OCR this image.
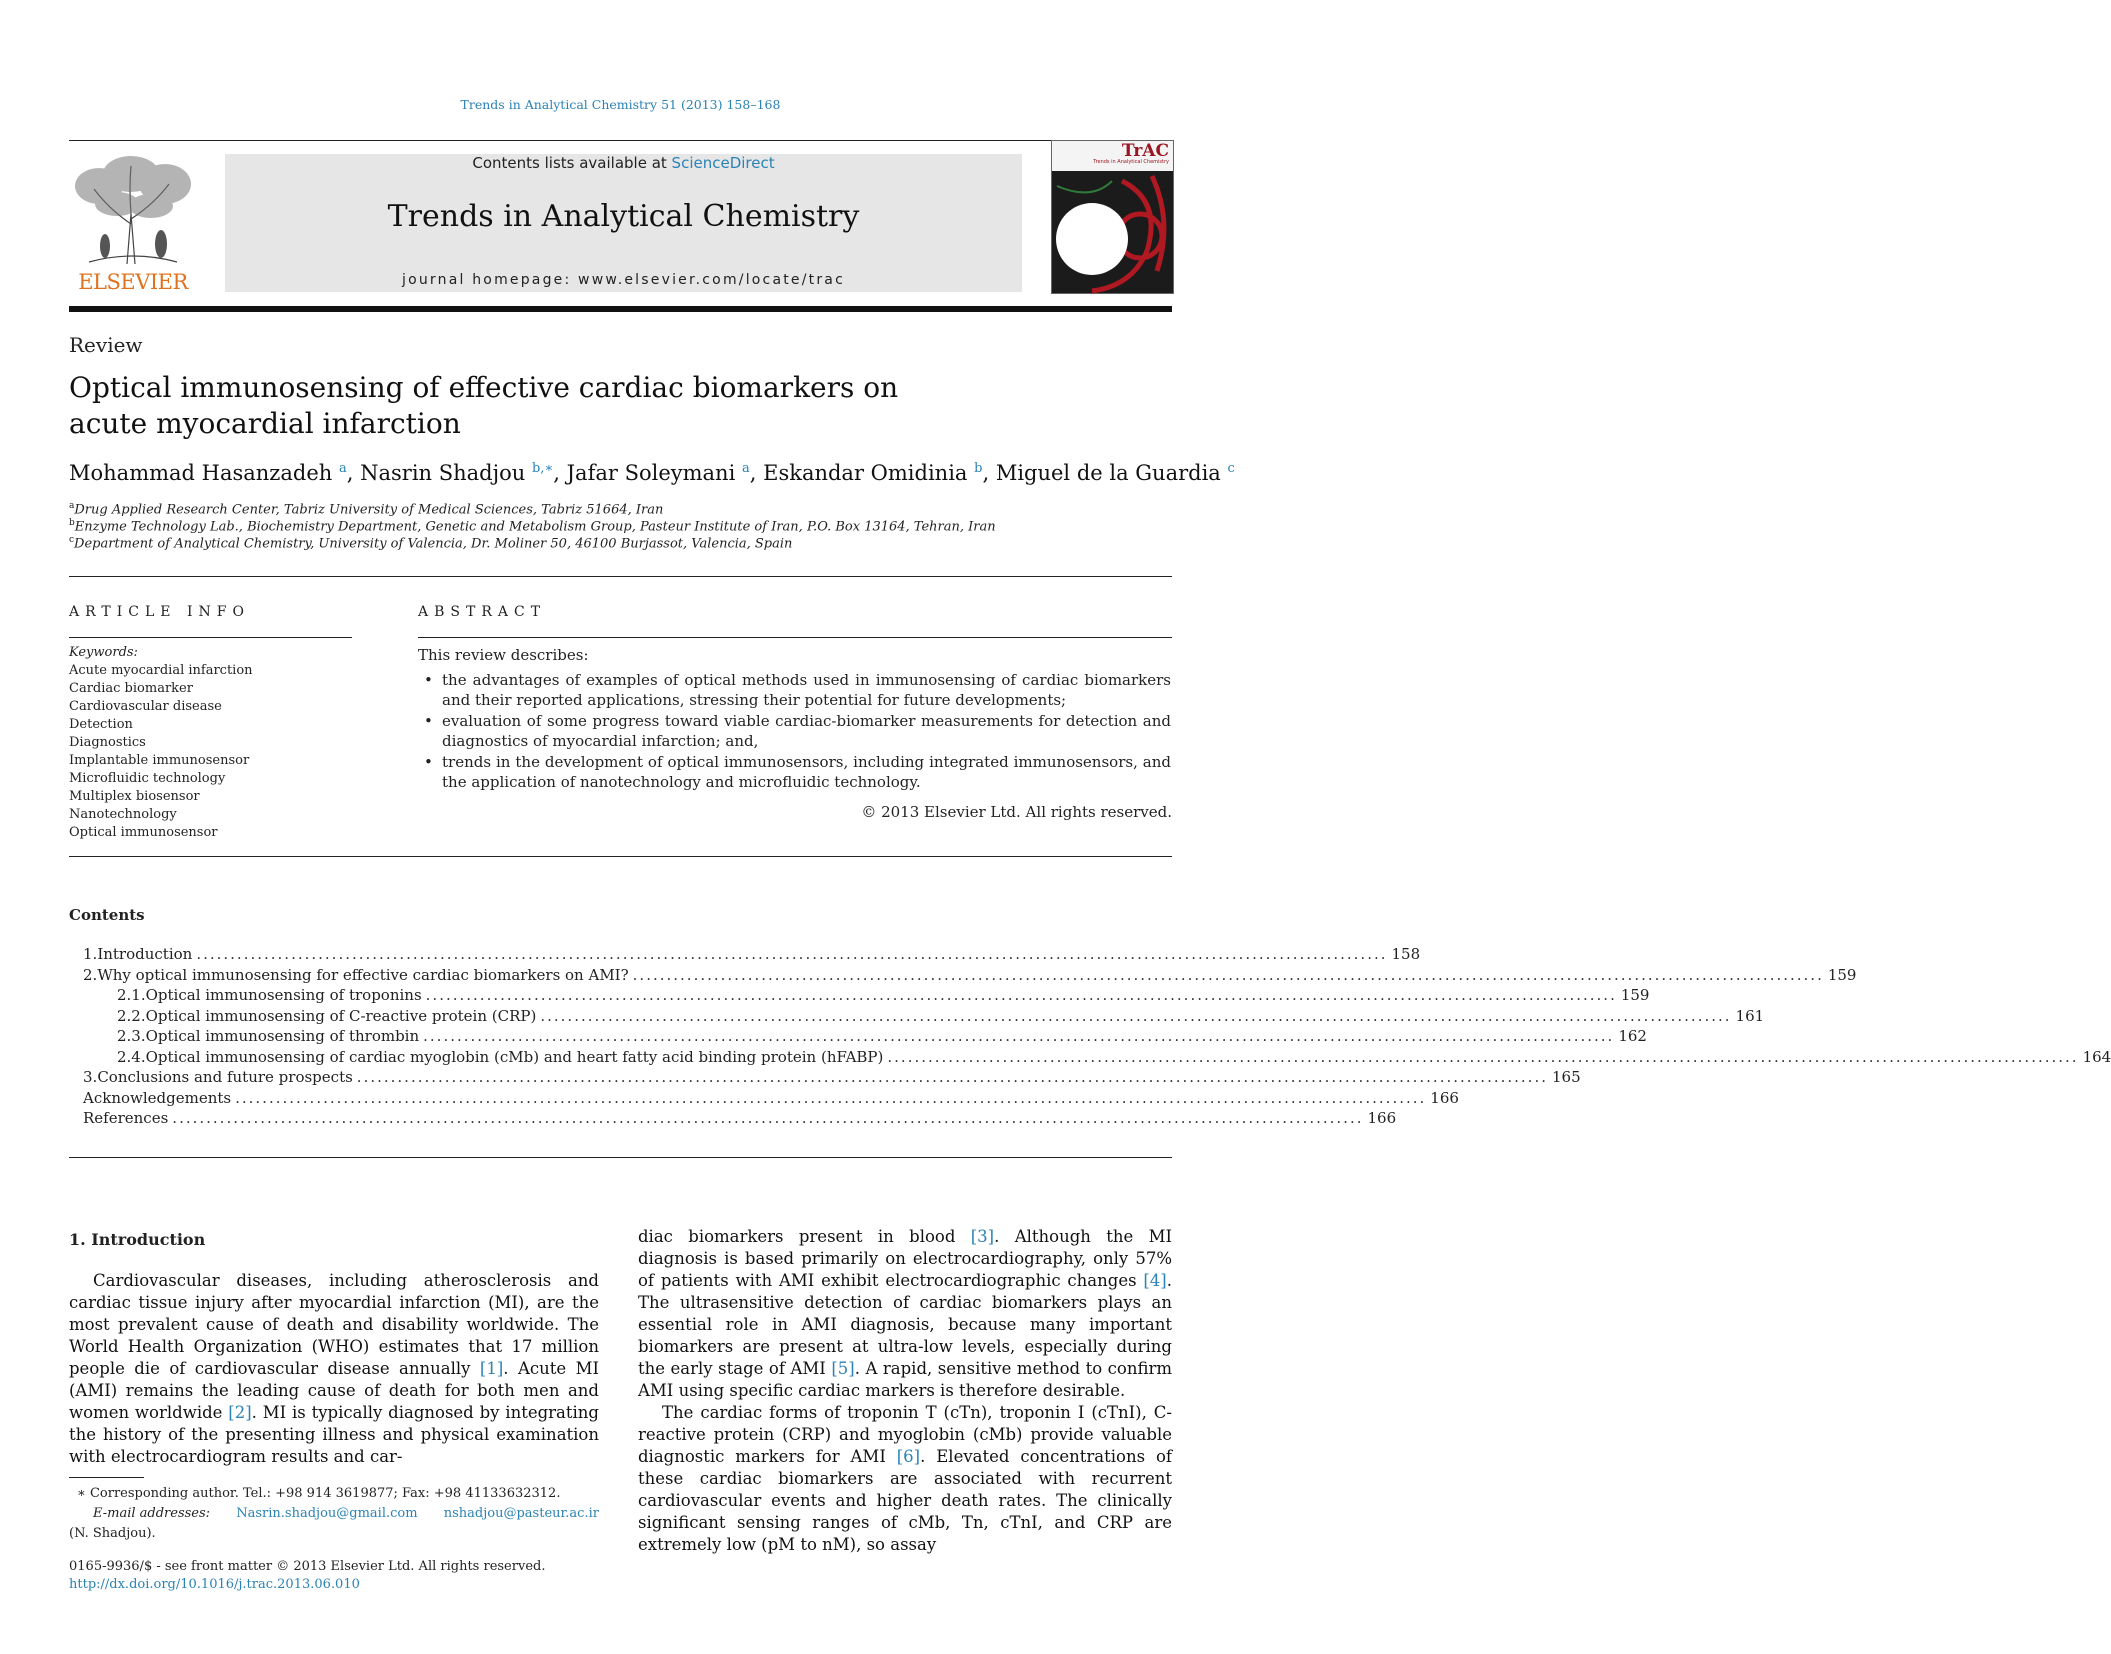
Trends in Analytical Chemistry 51 (2013) 158–168
ELSEVIER
Contents lists available at ScienceDirect
Trends in Analytical Chemistry
journal homepage: www.elsevier.com/locate/trac
TrAC
Trends in Analytical Chemistry
Review
Optical immunosensing of effective cardiac biomarkers on acute myocardial infarction
Mohammad Hasanzadeh $^a$, Nasrin Shadjou $^{b,∗}$, Jafar Soleymani $^a$, Eskandar Omidinia $^b$, Miguel de la Guardia $^c$
$^a$Drug Applied Research Center, Tabriz University of Medical Sciences, Tabriz 51664, Iran
$^b$Enzyme Technology Lab., Biochemistry Department, Genetic and Metabolism Group, Pasteur Institute of Iran, P.O. Box 13164, Tehran, Iran
$^c$Department of Analytical Chemistry, University of Valencia, Dr. Moliner 50, 46100 Burjassot, Valencia, Spain
ARTICLE INFO
Keywords:
Acute myocardial infarction
Cardiac biomarker
Cardiovascular disease
Detection
Diagnostics
Implantable immunosensor
Microfluidic technology
Multiplex biosensor
Nanotechnology
Optical immunosensor
ABSTRACT
This review describes:
• the advantages of examples of optical methods used in immunosensing of cardiac biomarkers and their reported applications, stressing their potential for future developments;
• evaluation of some progress toward viable cardiac-biomarker measurements for detection and diagnostics of myocardial infarction; and,
• trends in the development of optical immunosensors, including integrated immunosensors, and the application of nanotechnology and microfluidic technology.
© 2013 Elsevier Ltd. All rights reserved.
Contents
1. Introduction ................................................................................................................................................................................ 158
2. Why optical immunosensing for effective cardiac biomarkers on AMI? ................................................................................................................................................................................ 159
2.1. Optical immunosensing of troponins ................................................................................................................................................................................ 159
2.2. Optical immunosensing of C-reactive protein (CRP) ................................................................................................................................................................................ 161
2.3. Optical immunosensing of thrombin ................................................................................................................................................................................ 162
2.4. Optical immunosensing of cardiac myoglobin (cMb) and heart fatty acid binding protein (hFABP) ................................................................................................................................................................................ 164
3. Conclusions and future prospects ................................................................................................................................................................................ 165
Acknowledgements ................................................................................................................................................................................ 166
References ................................................................................................................................................................................ 166
1. Introduction

Cardiovascular diseases, including atherosclerosis and cardiac tissue injury after myocardial infarction (MI), are the most prevalent cause of death and disability worldwide. The World Health Organization (WHO) estimates that 17 million people die of cardiovascular disease annually [1]. Acute MI (AMI) remains the leading cause of death for both men and women worldwide [2]. MI is typically diagnosed by integrating the history of the presenting illness and physical examination with electrocardiogram results and car-

diac biomarkers present in blood [3]. Although the MI diagnosis is based primarily on electrocardiography, only 57% of patients with AMI exhibit electrocardiographic changes [4]. The ultrasensitive detection of cardiac biomarkers plays an essential role in AMI diagnosis, because many important biomarkers are present at ultra-low levels, especially during the early stage of AMI [5]. A rapid, sensitive method to confirm AMI using specific cardiac markers is therefore desirable.

The cardiac forms of troponin T (cTn), troponin I (cTnI), C-reactive protein (CRP) and myoglobin (cMb) provide valuable diagnostic markers for AMI [6]. Elevated concentrations of these cardiac biomarkers are associated with recurrent cardiovascular events and higher death rates. The clinically significant sensing ranges of cMb, Tn, cTnI, and CRP are extremely low (pM to nM), so assay

∗ Corresponding author. Tel.: +98 914 3619877; Fax: +98 41133632312.
E-mail addresses: Nasrin.shadjou@gmail.com nshadjou@pasteur.ac.ir
(N. Shadjou).
0165-9936/$ - see front matter © 2013 Elsevier Ltd. All rights reserved.
http://dx.doi.org/10.1016/j.trac.2013.06.010
